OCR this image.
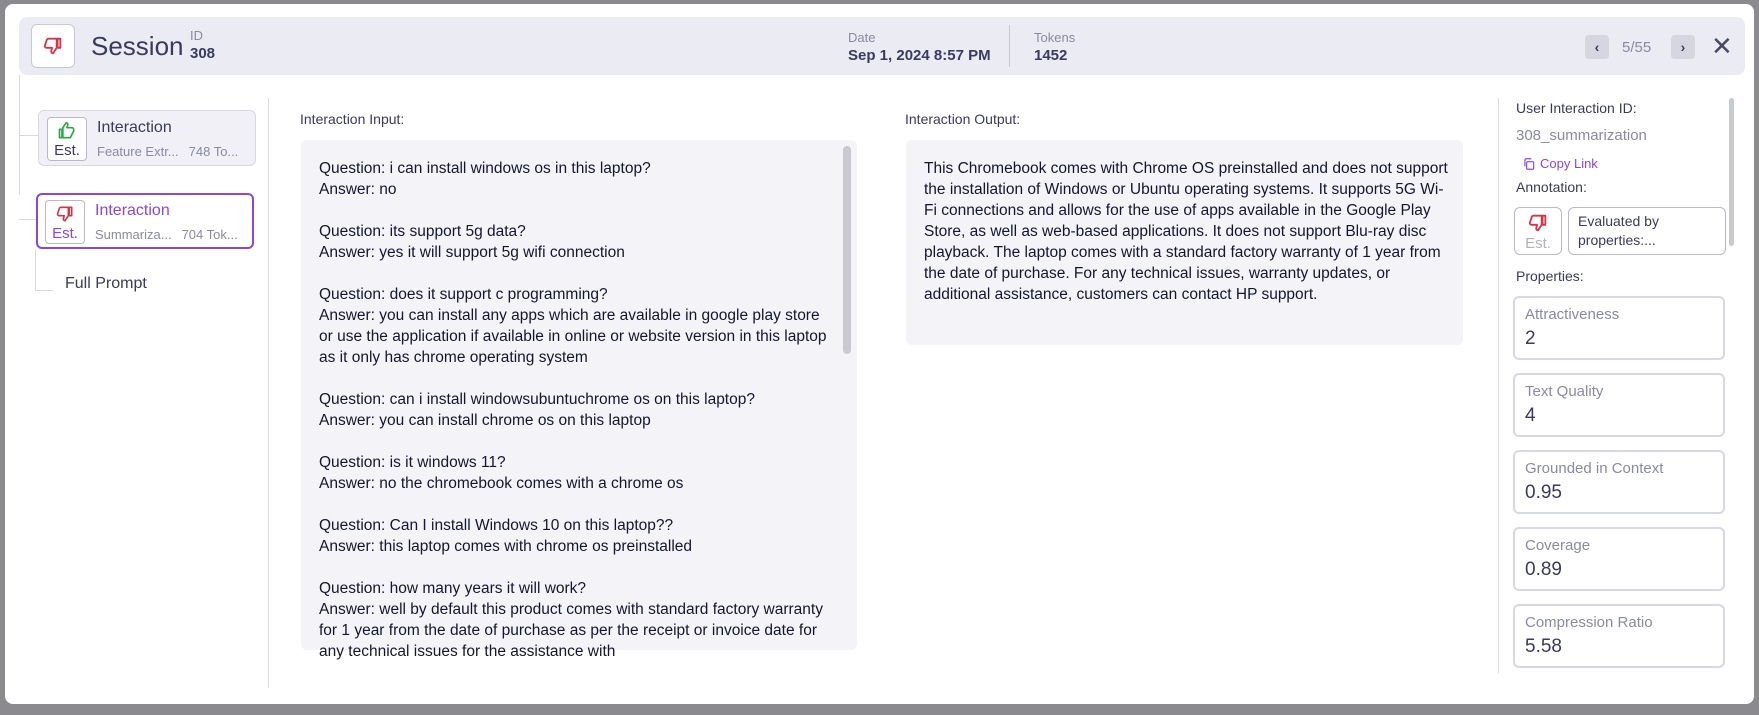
Session ID
308
Date
Sep 1, 2024 8:57 PM
Tokens
1452	‹ 5/55 › ✕
Est.
Interaction
Feature Extr... 748 To...
Est.
Interaction
Summariza... 704 Tok...
Full Prompt
Interaction Input:
Question: i can install windows os in this laptop?
Answer: no

Question: its support 5g data?
Answer: yes it will support 5g wifi connection

Question: does it support c programming?
Answer: you can install any apps which are available in google play store or use the application if available in online or website version in this laptop as it only has chrome operating system

Question: can i install windowsubuntuchrome os on this laptop?
Answer: you can install chrome os on this laptop

Question: is it windows 11?
Answer: no the chromebook comes with a chrome os

Question: Can I install Windows 10 on this laptop??
Answer: this laptop comes with chrome os preinstalled

Question: how many years it will work?
Answer: well by default this product comes with standard factory warranty for 1 year from the date of purchase as per the receipt or invoice date for any technical issues for the assistance with
Interaction Output:
This Chromebook comes with Chrome OS preinstalled and does not support the installation of Windows or Ubuntu operating systems. It supports 5G Wi-Fi connections and allows for the use of apps available in the Google Play Store, as well as web-based applications. It does not support Blu-ray disc playback. The laptop comes with a standard factory warranty of 1 year from the date of purchase. For any technical issues, warranty updates, or additional assistance, customers can contact HP support.
User Interaction ID:
308_summarization
Copy Link
Annotation:
Est.
Evaluated by properties:...
Properties:
Attractiveness
2
Text Quality
4
Grounded in Context
0.95
Coverage
0.89
Compression Ratio
5.58
